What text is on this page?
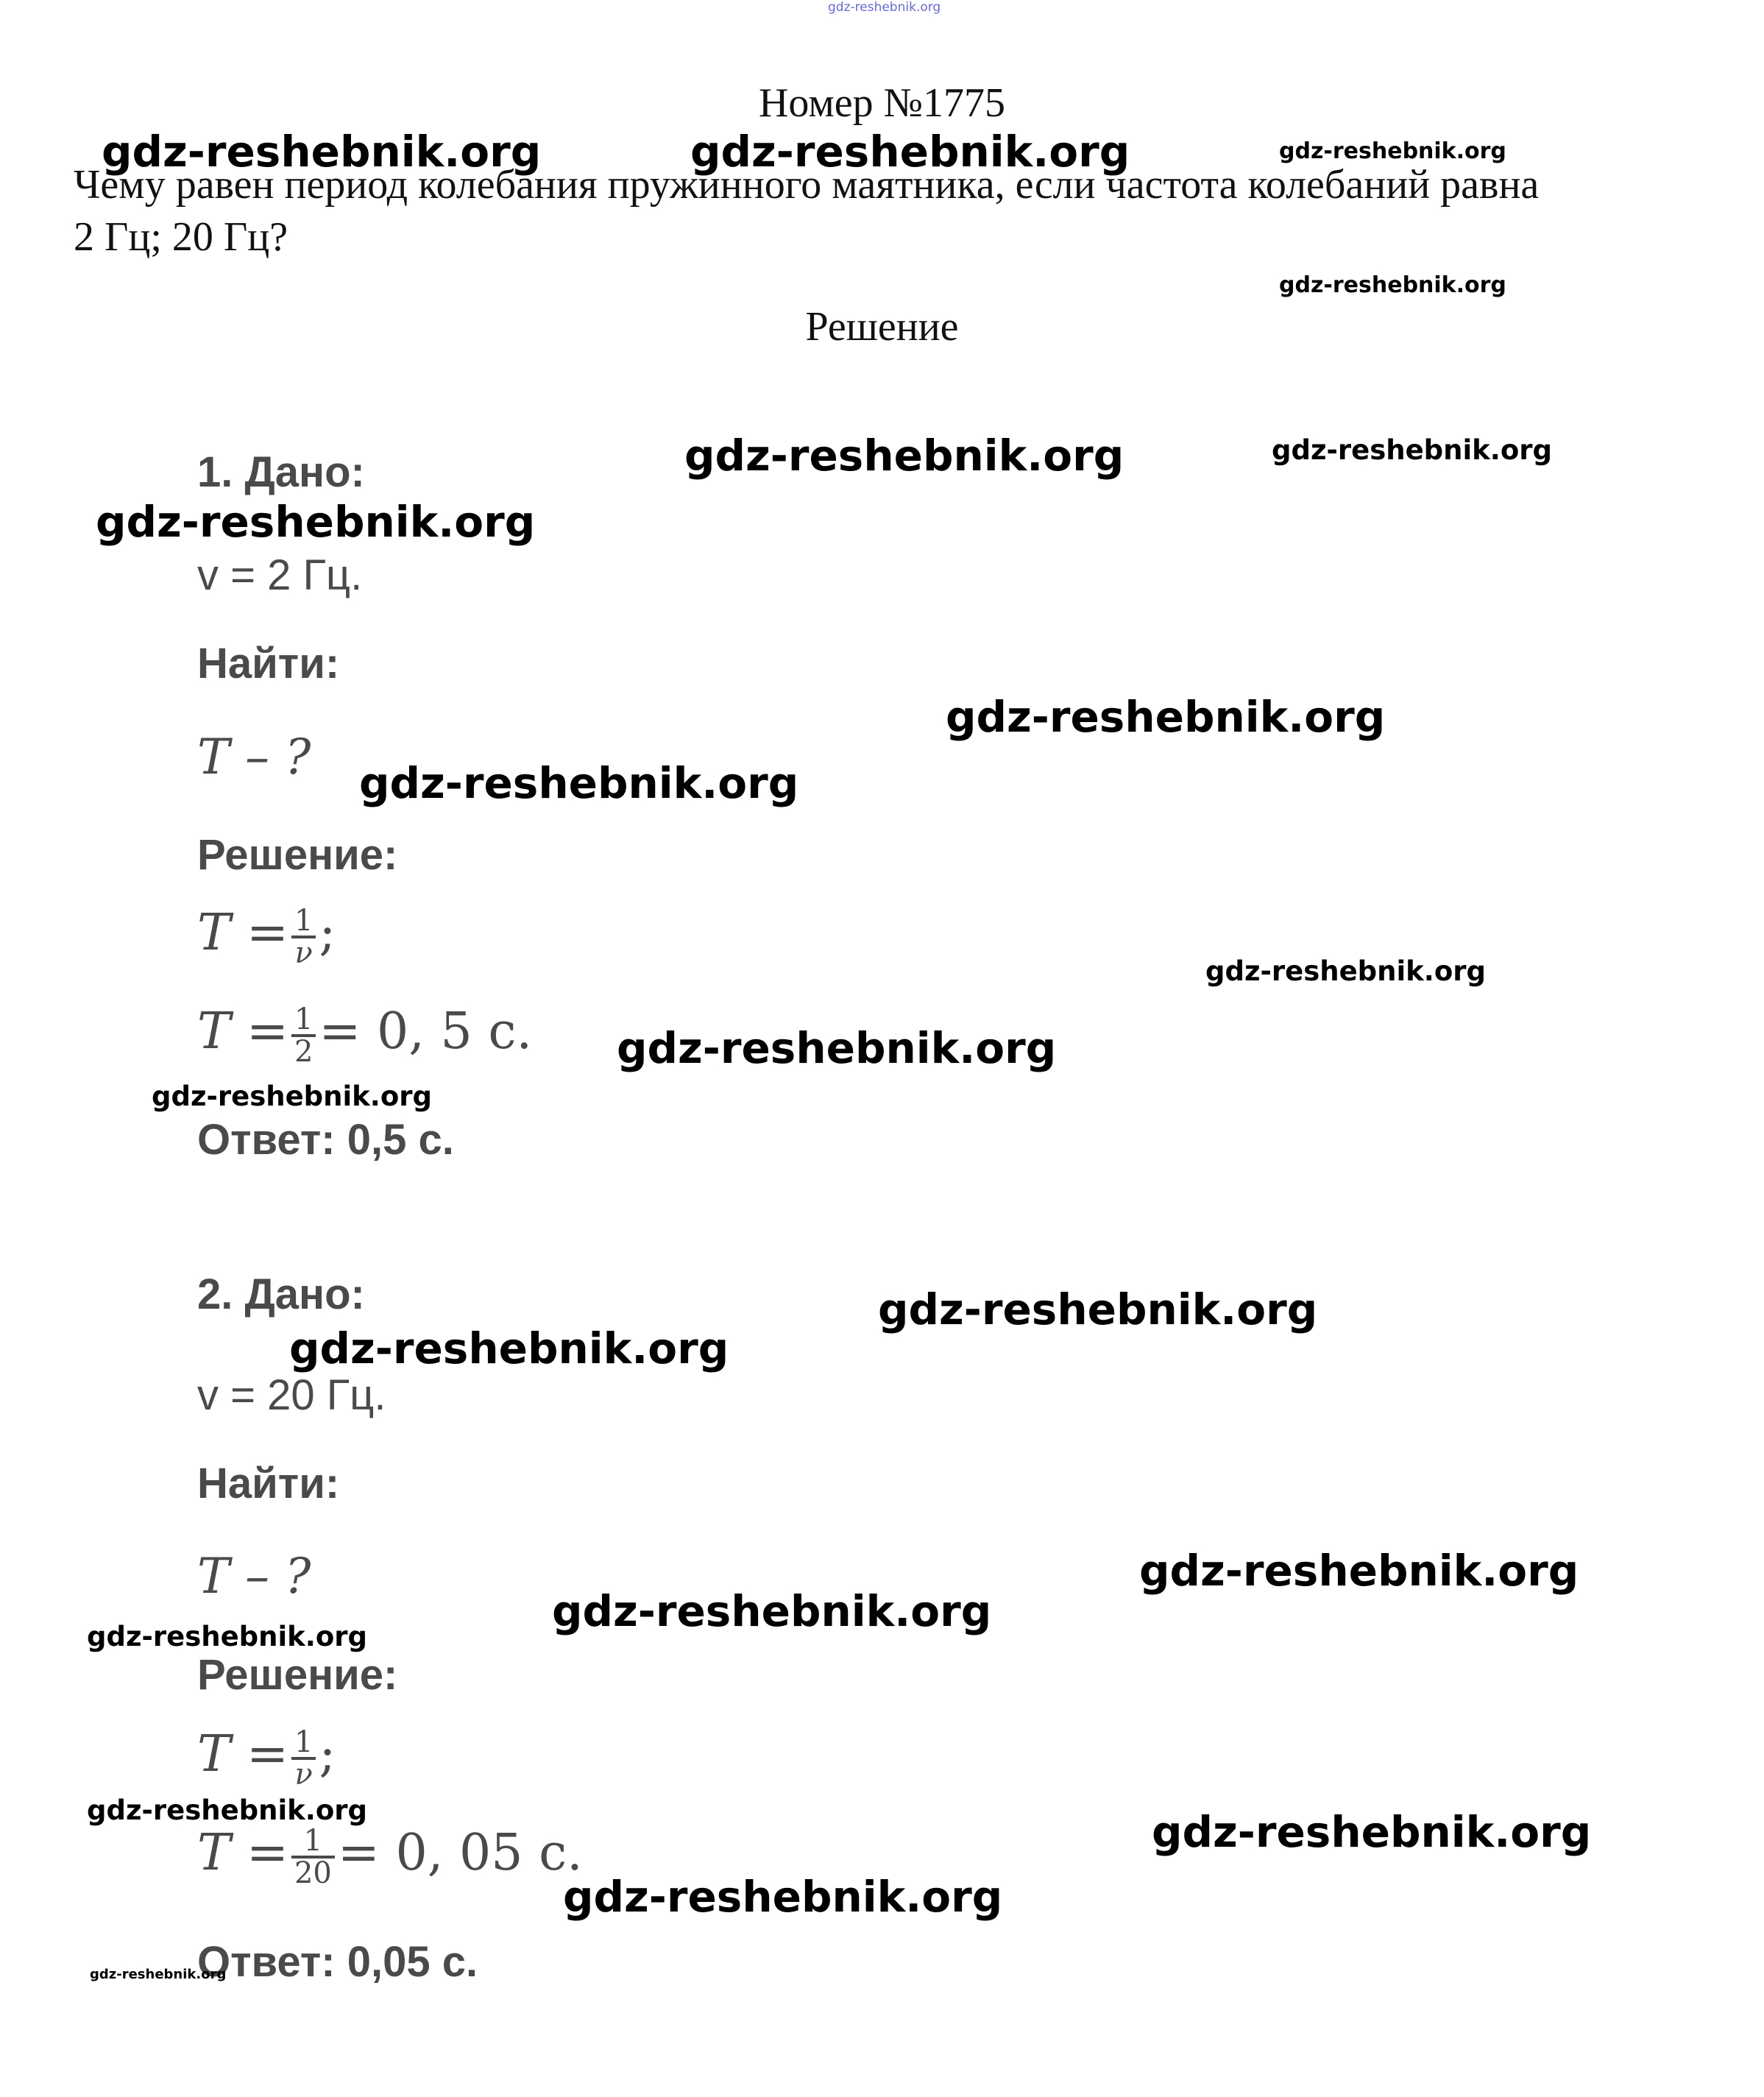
gdz-reshebnik.org
Номер №1775
Чему равен период колебания пружинного маятника, если частота колебаний равна 2 Гц; 20 Гц?
Решение
1. Дано:
v = 2 Гц.
Найти:
T – ?
Решение:
$T = \frac{1}{\nu}$ ;
$T = \frac{1}{2} = 0$, 5 с.
Ответ: 0,5 с.
2. Дано:
v = 20 Гц.
Найти:
T – ?
Решение:
$T = \frac{1}{\nu}$ ;
$T = \frac{1}{20} = 0$, 05 с.
Ответ: 0,05 с.
gdz-reshebnik.org	gdz-reshebnik.org	gdz-reshebnik.org
gdz-reshebnik.org
gdz-reshebnik.org	gdz-reshebnik.org
gdz-reshebnik.org
gdz-reshebnik.org
gdz-reshebnik.org
gdz-reshebnik.org
gdz-reshebnik.org
gdz-reshebnik.org
gdz-reshebnik.org
gdz-reshebnik.org
gdz-reshebnik.org
gdz-reshebnik.org
gdz-reshebnik.org
gdz-reshebnik.org	gdz-reshebnik.org
gdz-reshebnik.org
gdz-reshebnik.org
